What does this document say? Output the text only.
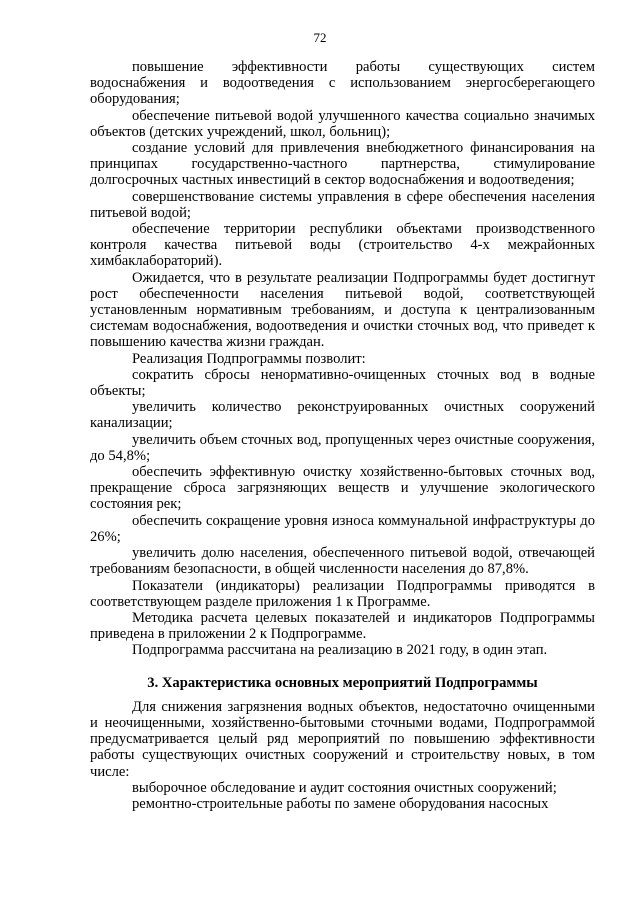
72

повышение эффективности работы существующих систем водоснабжения и водоотведения с использованием энергосберегающего оборудования;

обеспечение питьевой водой улучшенного качества социально значимых объектов (детских учреждений, школ, больниц);

создание условий для привлечения внебюджетного финансирования на принципах государственно-частного партнерства, стимулирование долгосрочных частных инвестиций в сектор водоснабжения и водоотведения;

совершенствование системы управления в сфере обеспечения населения питьевой водой;

обеспечение территории республики объектами производственного контроля качества питьевой воды (строительство 4-х межрайонных химбаклабораторий).

Ожидается, что в результате реализации Подпрограммы будет достигнут рост обеспеченности населения питьевой водой, соответствующей установленным нормативным требованиям, и доступа к централизованным системам водоснабжения, водоотведения и очистки сточных вод, что приведет к повышению качества жизни граждан.

Реализация Подпрограммы позволит:

сократить сбросы ненормативно-очищенных сточных вод в водные объекты;

увеличить количество реконструированных очистных сооружений канализации;

увеличить объем сточных вод, пропущенных через очистные сооружения, до 54,8%;

обеспечить эффективную очистку хозяйственно-бытовых сточных вод, прекращение сброса загрязняющих веществ и улучшение экологического состояния рек;

обеспечить сокращение уровня износа коммунальной инфраструктуры до 26%;

увеличить долю населения, обеспеченного питьевой водой, отвечающей требованиям безопасности, в общей численности населения до 87,8%.

Показатели (индикаторы) реализации Подпрограммы приводятся в соответствующем разделе приложения 1 к Программе.

Методика расчета целевых показателей и индикаторов Подпрограммы приведена в приложении 2 к Подпрограмме.

Подпрограмма рассчитана на реализацию в 2021 году, в один этап.

3. Характеристика основных мероприятий Подпрограммы

Для снижения загрязнения водных объектов, недостаточно очищенными и неочищенными, хозяйственно-бытовыми сточными водами, Подпрограммой предусматривается целый ряд мероприятий по повышению эффективности работы существующих очистных сооружений и строительству новых, в том числе:

выборочное обследование и аудит состояния очистных сооружений;

ремонтно-строительные работы по замене оборудования насосных
